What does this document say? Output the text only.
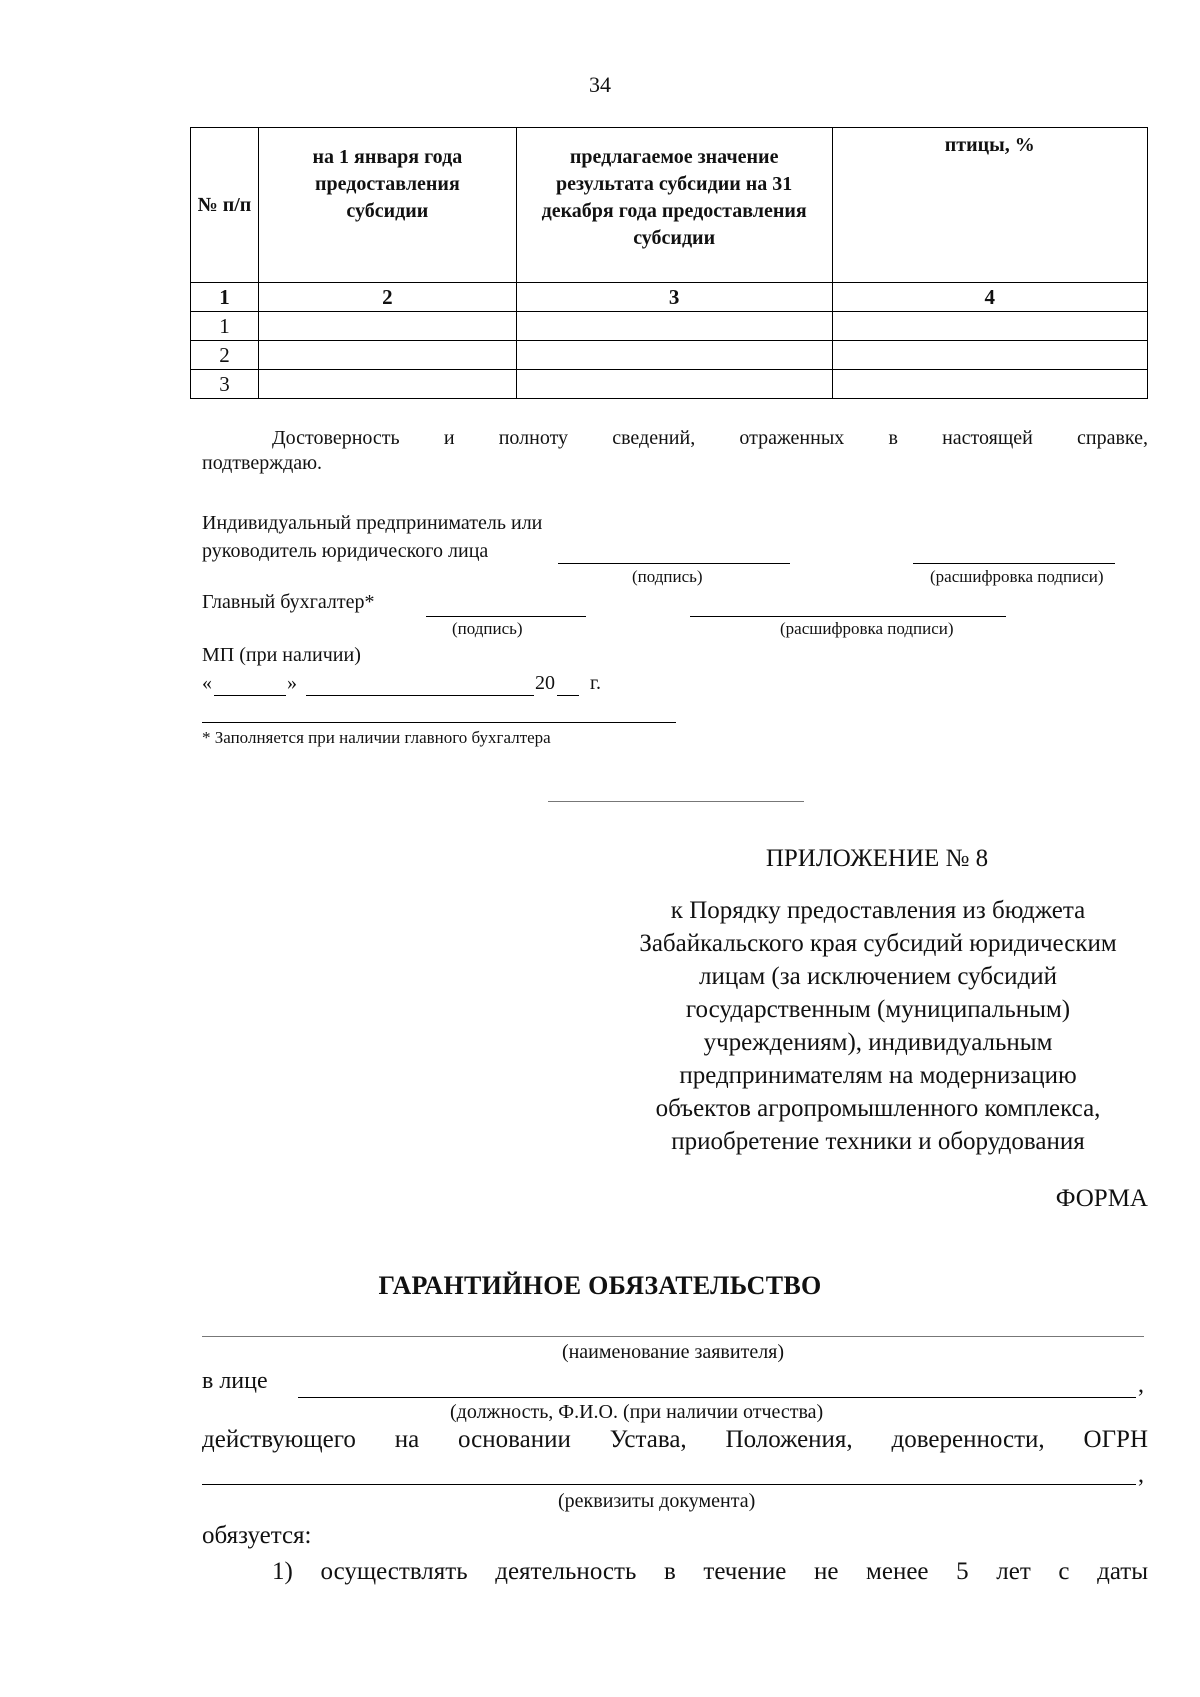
34
№ п/п	на 1 января года предоставления субсидии	предлагаемое значение результата субсидии на 31 декабря года предоставления субсидии	птицы, %
1	2	3	4
1			
2			
3			
Достоверность и полноту сведений, отраженных в настоящей справке,
подтверждаю.
Индивидуальный предприниматель или
руководитель юридического лица
(подпись)	(расшифровка подписи)
Главный бухгалтер*
(подпись)	(расшифровка подписи)
МП (при наличии)
«	»	20 г.
* Заполняется при наличии главного бухгалтера
ПРИЛОЖЕНИЕ № 8
к Порядку предоставления из бюджета
Забайкальского края субсидий юридическим
лицам (за исключением субсидий
государственным (муниципальным)
учреждениям), индивидуальным
предпринимателям на модернизацию
объектов агропромышленного комплекса,
приобретение техники и оборудования
ФОРМА
ГАРАНТИЙНОЕ ОБЯЗАТЕЛЬСТВО
(наименование заявителя)
в лице	,
(должность, Ф.И.О. (при наличии отчества)
действующего на основании Устава, Положения, доверенности, ОГРН
,
(реквизиты документа)
обязуется:
1) осуществлять деятельность в течение не менее 5 лет с даты
